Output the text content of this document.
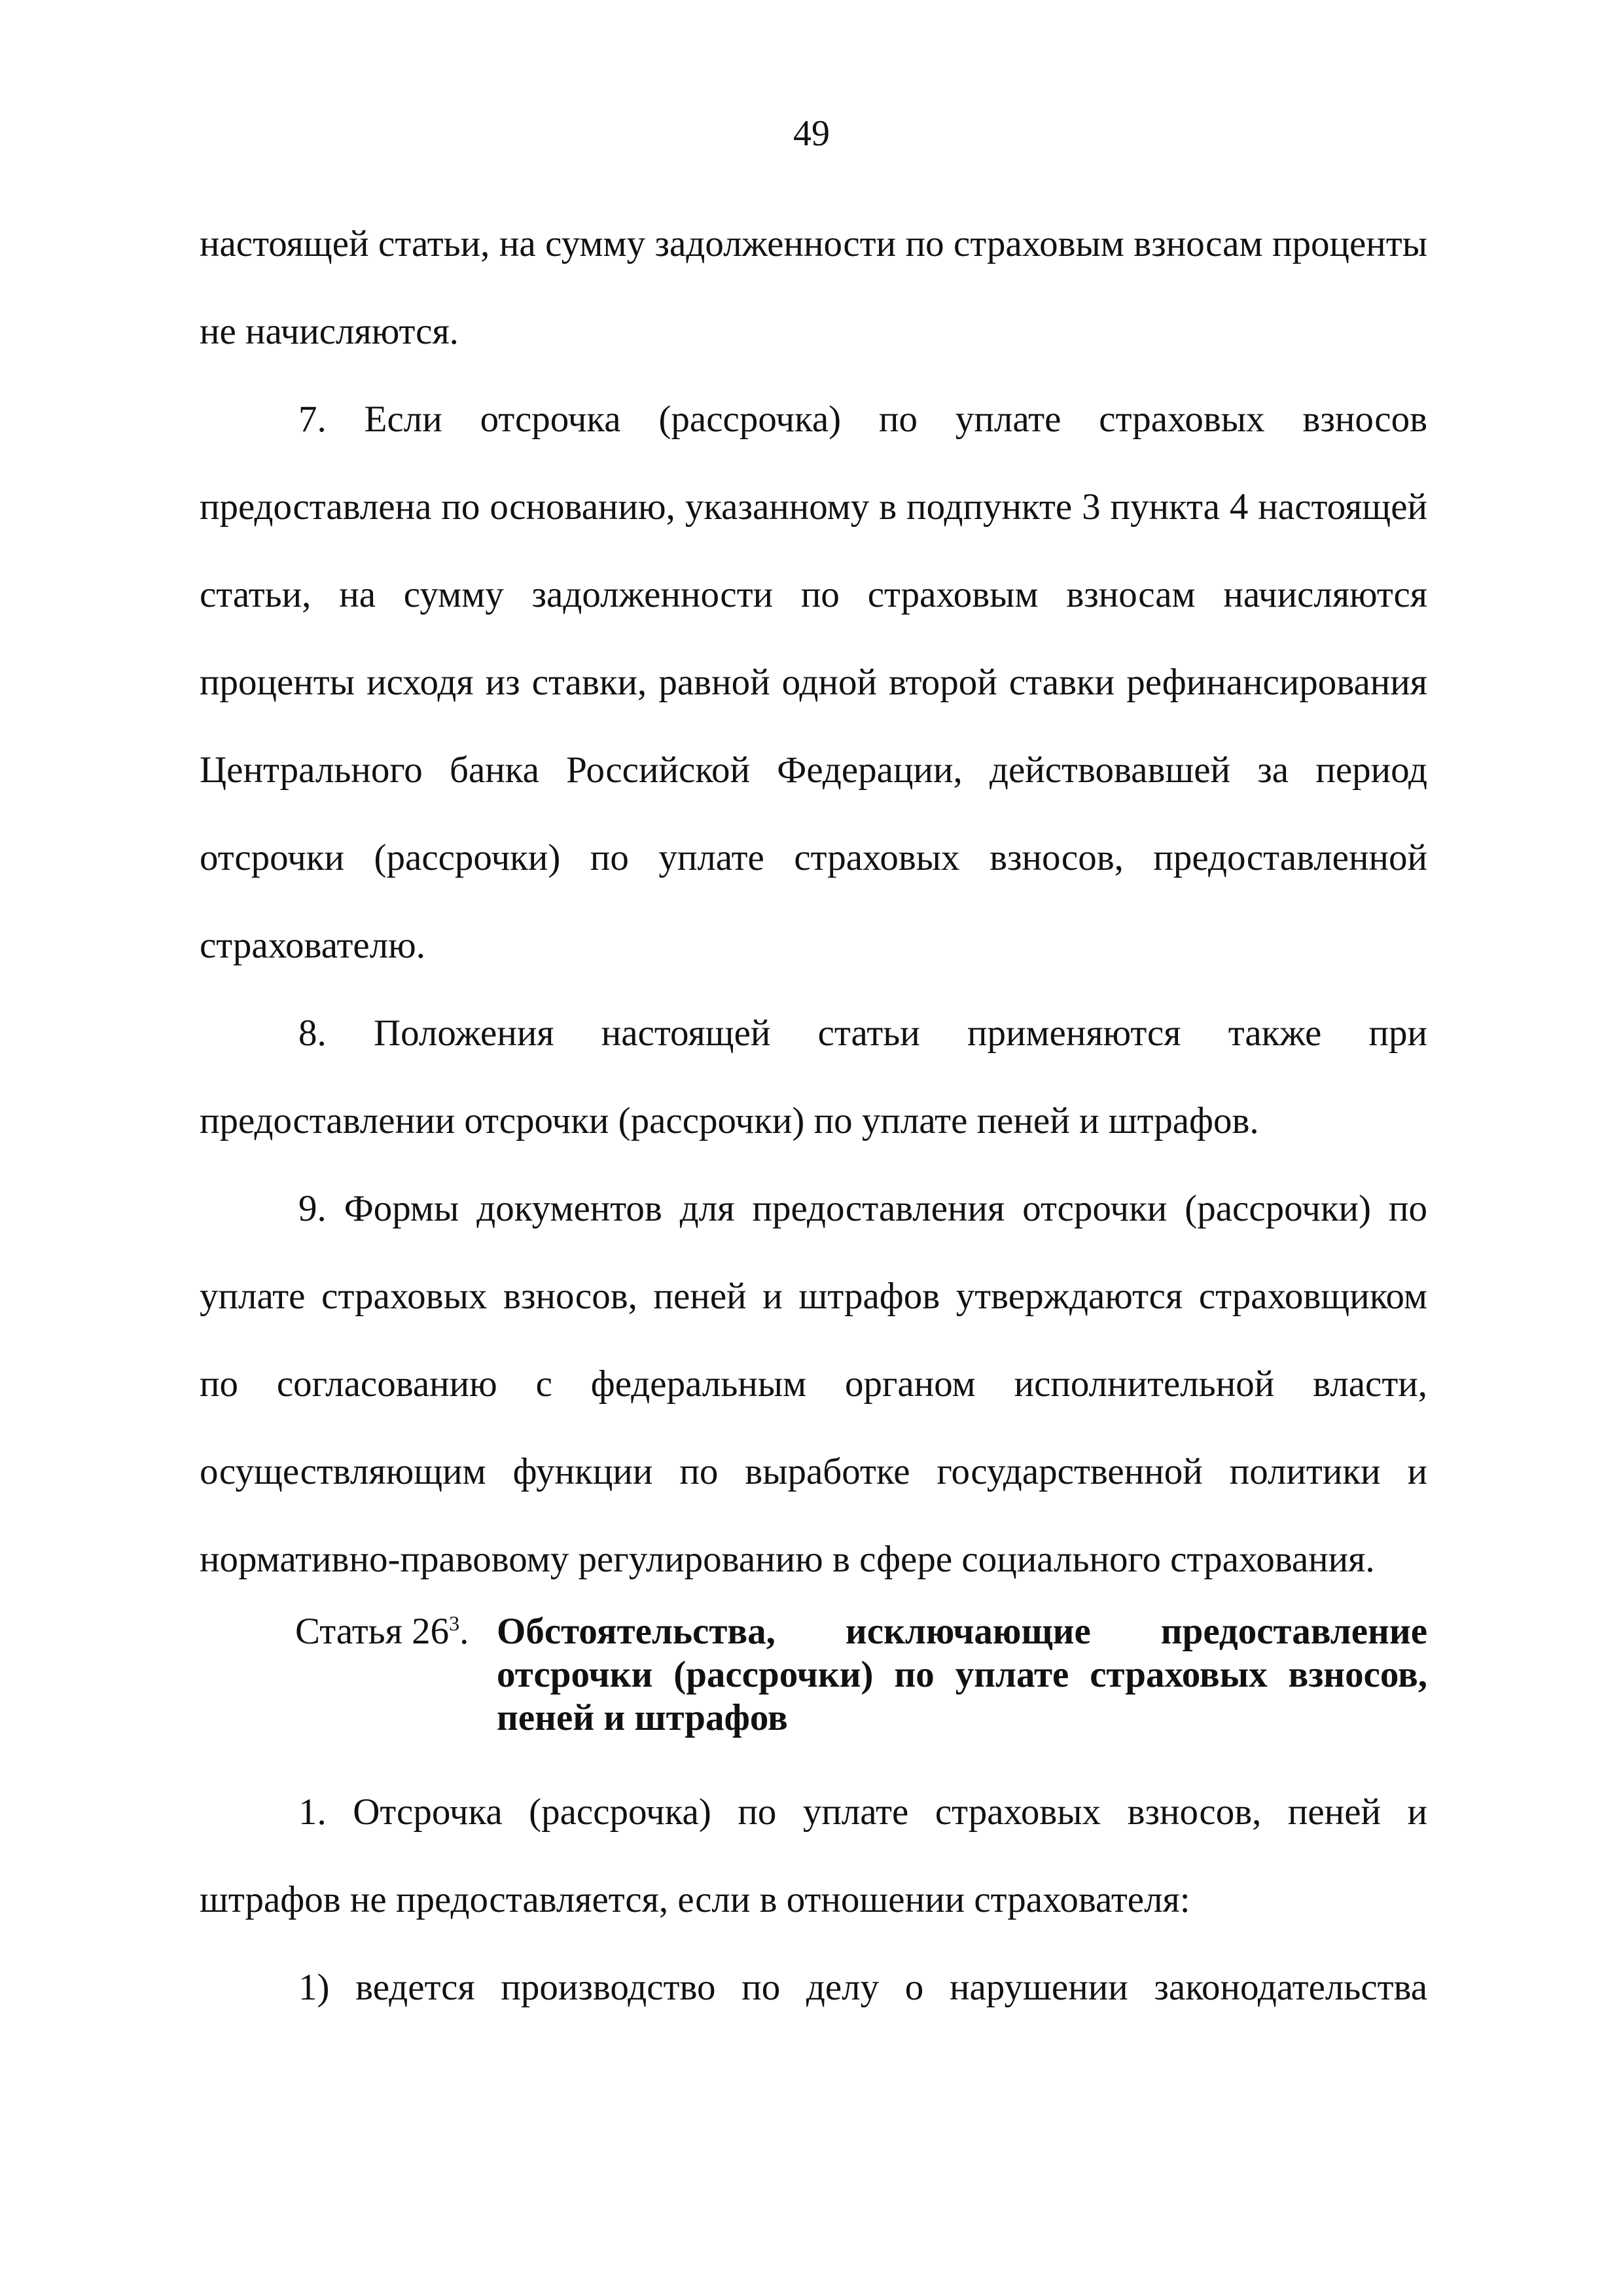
49

настоящей статьи, на сумму задолженности по страховым взносам проценты не начисляются.

7. Если отсрочка (рассрочка) по уплате страховых взносов предоставлена по основанию, указанному в подпункте 3 пункта 4 настоящей статьи, на сумму задолженности по страховым взносам начисляются проценты исходя из ставки, равной одной второй ставки рефинансирования Центрального банка Российской Федерации, действовавшей за период отсрочки (рассрочки) по уплате страховых взносов, предоставленной страхователю.

8. Положения настоящей статьи применяются также при предоставлении отсрочки (рассрочки) по уплате пеней и штрафов.

9. Формы документов для предоставления отсрочки (рассрочки) по уплате страховых взносов, пеней и штрафов утверждаются страховщиком по согласованию с федеральным органом исполнительной власти, осуществляющим функции по выработке государственной политики и нормативно-правовому регулированию в сфере социального страхования.

Статья $26^3$. Обстоятельства, исключающие предоставление отсрочки (рассрочки) по уплате страховых взносов, пеней и штрафов

1. Отсрочка (рассрочка) по уплате страховых взносов, пеней и штрафов не предоставляется, если в отношении страхователя:

1) ведется производство по делу о нарушении законодательства
